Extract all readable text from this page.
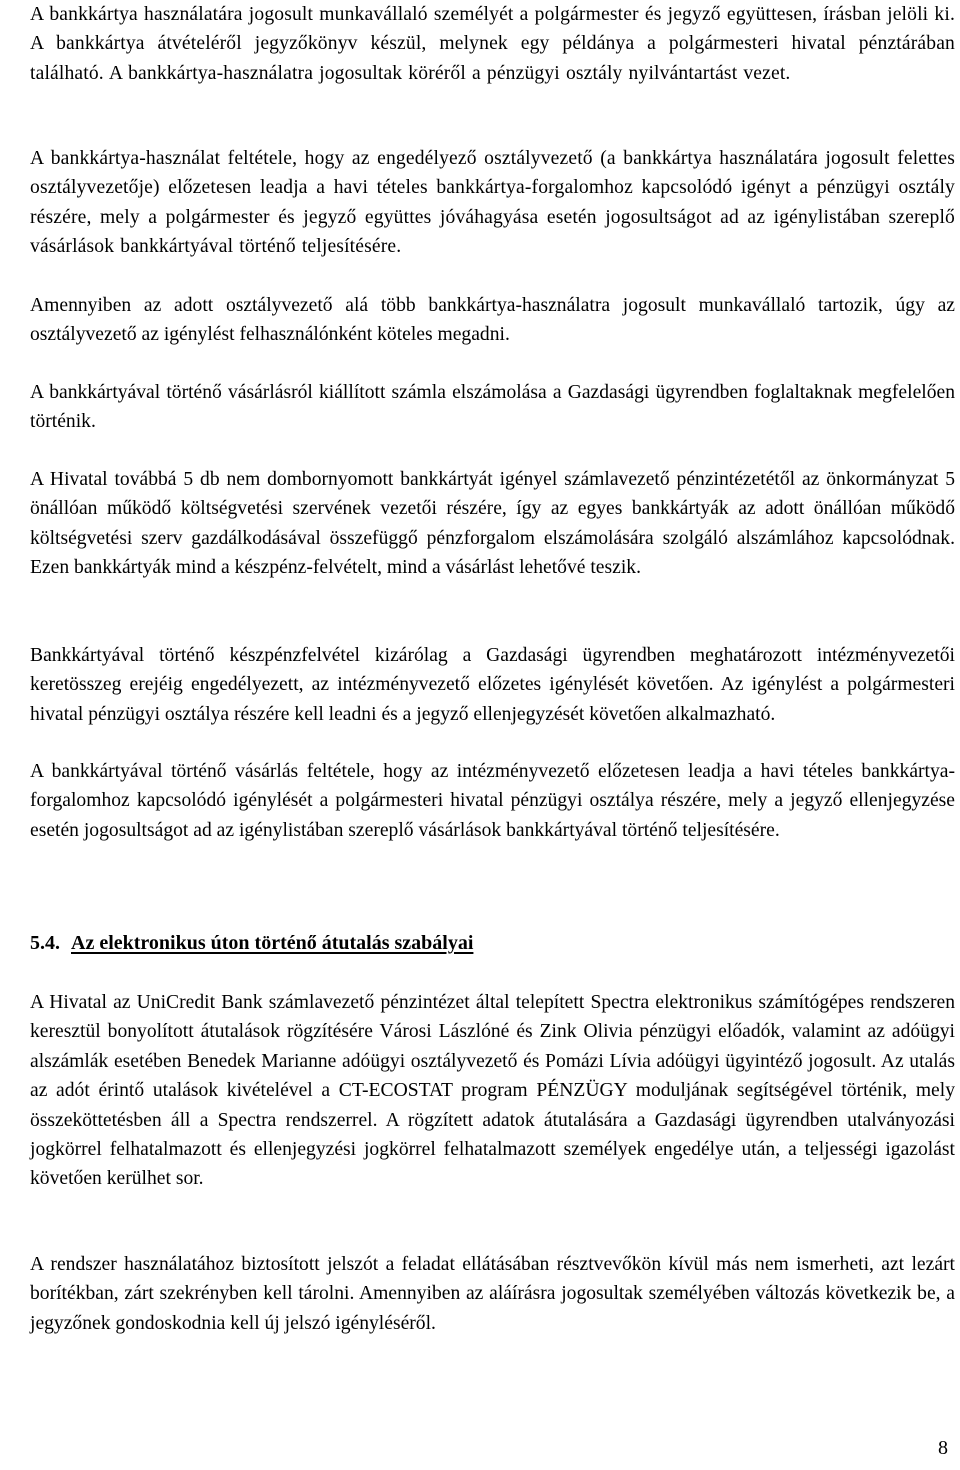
A bankkártya használatára jogosult munkavállaló személyét a polgármester és jegyző együttesen, írásban jelöli ki. A bankkártya átvételéről jegyzőkönyv készül, melynek egy példánya a polgármesteri hivatal pénztárában található. A bankkártya-használatra jogosultak köréről a pénzügyi osztály nyilvántartást vezet.

A bankkártya-használat feltétele, hogy az engedélyező osztályvezető (a bankkártya használatára jogosult felettes osztályvezetője) előzetesen leadja a havi tételes bankkártya-forgalomhoz kapcsolódó igényt a pénzügyi osztály részére, mely a polgármester és jegyző együttes jóváhagyása esetén jogosultságot ad az igénylistában szereplő vásárlások bankkártyával történő teljesítésére.

Amennyiben az adott osztályvezető alá több bankkártya-használatra jogosult munkavállaló tartozik, úgy az osztályvezető az igénylést felhasználónként köteles megadni.

A bankkártyával történő vásárlásról kiállított számla elszámolása a Gazdasági ügyrendben foglaltaknak megfelelően történik.

A Hivatal továbbá 5 db nem dombornyomott bankkártyát igényel számlavezető pénzintézetétől az önkormányzat 5 önállóan működő költségvetési szervének vezetői részére, így az egyes bankkártyák az adott önállóan működő költségvetési szerv gazdálkodásával összefüggő pénzforgalom elszámolására szolgáló alszámlához kapcsolódnak. Ezen bankkártyák mind a készpénz-felvételt, mind a vásárlást lehetővé teszik.

Bankkártyával történő készpénzfelvétel kizárólag a Gazdasági ügyrendben meghatározott intézményvezetői keretösszeg erejéig engedélyezett, az intézményvezető előzetes igénylését követően. Az igénylést a polgármesteri hivatal pénzügyi osztálya részére kell leadni és a jegyző ellenjegyzését követően alkalmazható.

A bankkártyával történő vásárlás feltétele, hogy az intézményvezető előzetesen leadja a havi tételes bankkártya-forgalomhoz kapcsolódó igénylését a polgármesteri hivatal pénzügyi osztálya részére, mely a jegyző ellenjegyzése esetén jogosultságot ad az igénylistában szereplő vásárlások bankkártyával történő teljesítésére.

5.4. Az elektronikus úton történő átutalás szabályai

A Hivatal az UniCredit Bank számlavezető pénzintézet által telepített Spectra elektronikus számítógépes rendszeren keresztül bonyolított átutalások rögzítésére Városi Lászlóné és Zink Olivia pénzügyi előadók, valamint az adóügyi alszámlák esetében Benedek Marianne adóügyi osztályvezető és Pomázi Lívia adóügyi ügyintéző jogosult. Az utalás az adót érintő utalások kivételével a CT-ECOSTAT program PÉNZÜGY moduljának segítségével történik, mely összeköttetésben áll a Spectra rendszerrel. A rögzített adatok átutalására a Gazdasági ügyrendben utalványozási jogkörrel felhatalmazott és ellenjegyzési jogkörrel felhatalmazott személyek engedélye után, a teljességi igazolást követően kerülhet sor.

A rendszer használatához biztosított jelszót a feladat ellátásában résztvevőkön kívül más nem ismerheti, azt lezárt borítékban, zárt szekrényben kell tárolni. Amennyiben az aláírásra jogosultak személyében változás következik be, a jegyzőnek gondoskodnia kell új jelszó igényléséről.

8
